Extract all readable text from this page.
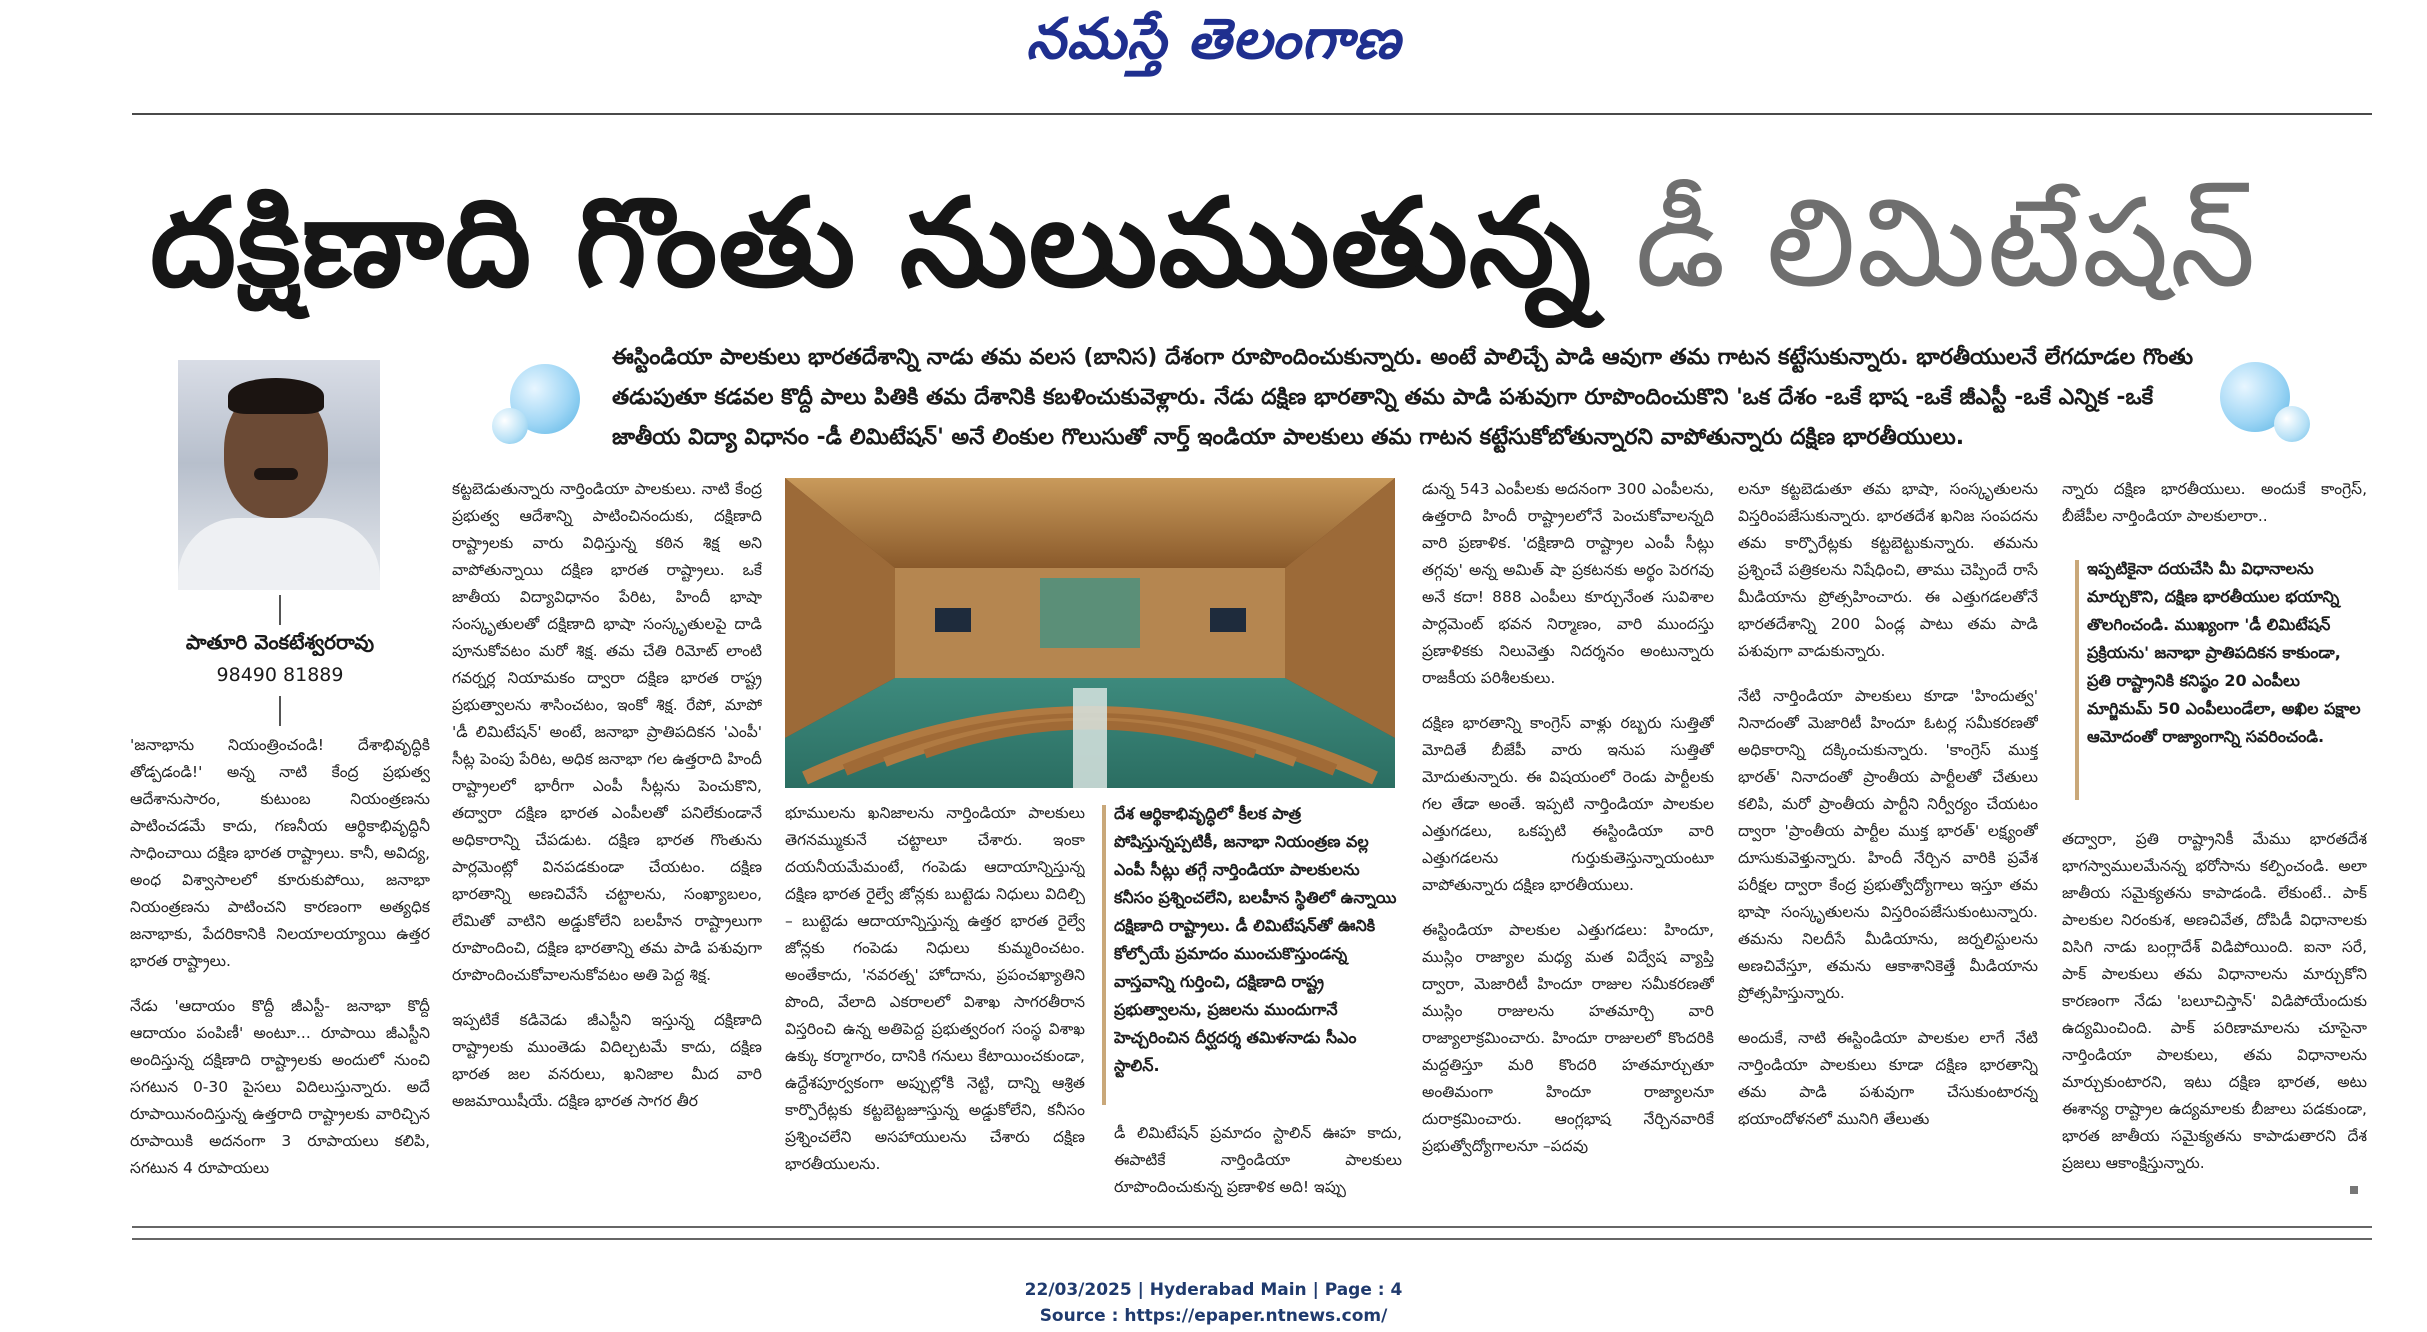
నమస్తే తెలంగాణ
దక్షిణాది గొంతు నులుముతున్న డీ లిమిటేషన్
పాతూరి వెంకటేశ్వరరావు
98490 81889
ఈస్టిండియా పాలకులు భారతదేశాన్ని నాడు తమ వలస (బానిస) దేశంగా రూపొందించుకున్నారు. అంటే పాలిచ్చే పాడి ఆవుగా తమ గాటన కట్టేసుకున్నారు. భారతీయులనే లేగదూడల గొంతు తడుపుతూ కడవల కొద్దీ పాలు పితికి తమ దేశానికి కబళించుకువెళ్లారు. నేడు దక్షిణ భారతాన్ని తమ పాడి పశువుగా రూపొందించుకొని 'ఒక దేశం -ఒకే భాష -ఒకే జీఎస్టీ -ఒకే ఎన్నిక -ఒకే జాతీయ విద్యా విధానం -డీ లిమిటేషన్' అనే లింకుల గొలుసుతో నార్త్ ఇండియా పాలకులు తమ గాటన కట్టేసుకోబోతున్నారని వాపోతున్నారు దక్షిణ భారతీయులు.

'జనాభాను నియంత్రించండి! దేశాభివృద్ధికి తోడ్పడండి!' అన్న నాటి కేంద్ర ప్రభుత్వ ఆదేశానుసారం, కుటుంబ నియంత్రణను పాటించడమే కాదు, గణనీయ ఆర్థికాభివృద్ధినీ సాధించాయి దక్షిణ భారత రాష్ట్రాలు. కానీ, అవిద్య, అంధ విశ్వాసాలలో కూరుకుపోయి, జనాభా నియంత్రణను పాటించని కారణంగా అత్యధిక జనాభాకు, పేదరికానికి నిలయాలయ్యాయి ఉత్తర భారత రాష్ట్రాలు.

నేడు 'ఆదాయం కొద్దీ జీఎస్టీ- జనాభా కొద్దీ ఆదాయం పంపిణీ' అంటూ... రూపాయి జీఎస్టీని అందిస్తున్న దక్షిణాది రాష్ట్రాలకు అందులో నుంచి సగటున 0-30 పైసలు విదిలుస్తున్నారు. అదే రూపాయినందిస్తున్న ఉత్తరాది రాష్ట్రాలకు వారిచ్చిన రూపాయికి అదనంగా 3 రూపాయలు కలిపి, సగటున 4 రూపాయలు

కట్టబెడుతున్నారు నార్తిండియా పాలకులు. నాటి కేంద్ర ప్రభుత్వ ఆదేశాన్ని పాటించినందుకు, దక్షిణాది రాష్ట్రాలకు వారు విధిస్తున్న కఠిన శిక్ష అని వాపోతున్నాయి దక్షిణ భారత రాష్ట్రాలు. ఒకే జాతీయ విద్యావిధానం పేరిట, హిందీ భాషా సంస్కృతులతో దక్షిణాది భాషా సంస్కృతులపై దాడి పూనుకోవటం మరో శిక్ష. తమ చేతి రిమోట్ లాంటి గవర్నర్ల నియామకం ద్వారా దక్షిణ భారత రాష్ట్ర ప్రభుత్వాలను శాసించటం, ఇంకో శిక్ష. రేపో, మాపో 'డీ లిమిటేషన్' అంటే, జనాభా ప్రాతిపదికన 'ఎంపీ' సీట్ల పెంపు పేరిట, అధిక జనాభా గల ఉత్తరాది హిందీ రాష్ట్రాలలో భారీగా ఎంపీ సీట్లను పెంచుకొని, తద్వారా దక్షిణ భారత ఎంపీలతో పనిలేకుండానే అధికారాన్ని చేపడుట. దక్షిణ భారత గొంతును పార్లమెంట్లో వినపడకుండా చేయటం. దక్షిణ భారతాన్ని అణచివేసే చట్టాలను, సంఖ్యాబలం, లేమితో వాటిని అడ్డుకోలేని బలహీన రాష్ట్రాలుగా రూపొందించి, దక్షిణ భారతాన్ని తమ పాడి పశువుగా రూపొందించుకోవాలనుకోవటం అతి పెద్ద శిక్ష.

ఇప్పటికే కడివెడు జీఎస్టీని ఇస్తున్న దక్షిణాది రాష్ట్రాలకు ముంతెడు విదిల్చటమే కాదు, దక్షిణ భారత జల వనరులు, ఖనిజాల మీద వారి అజమాయిషీయే. దక్షిణ భారత సాగర తీర

భూములను ఖనిజాలను నార్తిండియా పాలకులు తెగనమ్ముకునే చట్టాలూ చేశారు. ఇంకా దయనీయమేమంటే, గంపెడు ఆదాయాన్నిస్తున్న దక్షిణ భారత రైల్వే జోన్లకు బుట్టెడు నిధులు విదిల్చి – బుట్టెడు ఆదాయాన్నిస్తున్న ఉత్తర భారత రైల్వే జోన్లకు గంపెడు నిధులు కుమ్మరించటం. అంతేకాదు, 'నవరత్న' హోదాను, ప్రపంచఖ్యాతిని పొంది, వేలాది ఎకరాలలో విశాఖ సాగరతీరాన విస్తరించి ఉన్న అతిపెద్ద ప్రభుత్వరంగ సంస్థ విశాఖ ఉక్కు కర్మాగారం, దానికి గనులు కేటాయించకుండా, ఉద్దేశపూర్వకంగా అప్పుల్లోకి నెట్టి, దాన్ని ఆశ్రిత కార్పొరేట్లకు కట్టబెట్టజూస్తున్న అడ్డుకోలేని, కనీసం ప్రశ్నించలేని అసహాయులను చేశారు దక్షిణ భారతీయులను.

దేశ ఆర్థికాభివృద్ధిలో కీలక పాత్ర పోషిస్తున్నప్పటికీ, జనాభా నియంత్రణ వల్ల ఎంపీ సీట్లు తగ్గే నార్తిండియా పాలకులను కనీసం ప్రశ్నించలేని, బలహీన స్థితిలో ఉన్నాయి దక్షిణాది రాష్ట్రాలు. డీ లిమిటేషన్‌తో ఊనికి కోల్పోయే ప్రమాదం ముంచుకొస్తుండన్న వాస్తవాన్ని గుర్తించి, దక్షిణాది రాష్ట్ర ప్రభుత్వాలను, ప్రజలను ముందుగానే హెచ్చరించిన దీర్ఘదర్శ తమిళనాడు సీఎం స్టాలిన్.

డీ లిమిటేషన్ ప్రమాదం స్టాలిన్ ఊహ కాదు, ఈపాటికే నార్తిండియా పాలకులు రూపొందించుకున్న ప్రణాళిక అది! ఇప్పు

డున్న 543 ఎంపీలకు అదనంగా 300 ఎంపీలను, ఉత్తరాది హిందీ రాష్ట్రాలలోనే పెంచుకోవాలన్నది వారి ప్రణాళిక. 'దక్షిణాది రాష్ట్రాల ఎంపీ సీట్లు తగ్గవు' అన్న అమిత్ షా ప్రకటనకు అర్థం పెరగవు అనే కదా! 888 ఎంపీలు కూర్చునేంత సువిశాల పార్లమెంట్ భవన నిర్మాణం, వారి ముందస్తు ప్రణాళికకు నిలువెత్తు నిదర్శనం అంటున్నారు రాజకీయ పరిశీలకులు.

దక్షిణ భారతాన్ని కాంగ్రెస్ వాళ్లు రబ్బరు సుత్తితో మోదితే బీజేపీ వారు ఇనుప సుత్తితో మోదుతున్నారు. ఈ విషయంలో రెండు పార్టీలకు గల తేడా అంతే. ఇప్పటి నార్తిండియా పాలకుల ఎత్తుగడలు, ఒకప్పటి ఈస్టిండియా వారి ఎత్తుగడలను గుర్తుకుతెస్తున్నాయంటూ వాపోతున్నారు దక్షిణ భారతీయులు.

ఈస్టిండియా పాలకుల ఎత్తుగడలు: హిందూ, ముస్లిం రాజ్యాల మధ్య మత విద్వేష వ్యాప్తి ద్వారా, మెజారిటీ హిందూ రాజుల సమీకరణతో ముస్లిం రాజులను హతమార్చి వారి రాజ్యాలాక్రమించారు. హిందూ రాజులలో కొందరికి మద్దతిస్తూ మరి కొందరి హతమార్చుతూ అంతిమంగా హిందూ రాజ్యాలనూ దురాక్రమించారు. ఆంగ్లభాష నేర్చినవారికే ప్రభుత్వోద్యోగాలనూ –పదవు

లనూ కట్టబెడుతూ తమ భాషా, సంస్కృతులను విస్తరింపజేసుకున్నారు. భారతదేశ ఖనిజ సంపదను తమ కార్పొరేట్లకు కట్టబెట్టుకున్నారు. తమను ప్రశ్నించే పత్రికలను నిషేధించి, తాము చెప్పిందే రాసే మీడియాను ప్రోత్సహించారు. ఈ ఎత్తుగడలతోనే భారతదేశాన్ని 200 ఏండ్ల పాటు తమ పాడి పశువుగా వాడుకున్నారు.

నేటి నార్తిండియా పాలకులు కూడా 'హిందుత్వ' నినాదంతో మెజారిటీ హిందూ ఓటర్ల సమీకరణతో అధికారాన్ని దక్కించుకున్నారు. 'కాంగ్రెస్ ముక్త భారత్' నినాదంతో ప్రాంతీయ పార్టీలతో చేతులు కలిపి, మరో ప్రాంతీయ పార్టీని నిర్వీర్యం చేయటం ద్వారా 'ప్రాంతీయ పార్టీల ముక్త భారత్' లక్ష్యంతో దూసుకువెళ్తున్నారు. హిందీ నేర్చిన వారికి ప్రవేశ పరీక్షల ద్వారా కేంద్ర ప్రభుత్వోద్యోగాలు ఇస్తూ తమ భాషా సంస్కృతులను విస్తరింపజేసుకుంటున్నారు. తమను నిలదీసే మీడియాను, జర్నలిస్టులను అణచివేస్తూ, తమను ఆకాశానికెత్తే మీడియాను ప్రోత్సహిస్తున్నారు.

అందుకే, నాటి ఈస్టిండియా పాలకుల లాగే నేటి నార్తిండియా పాలకులు కూడా దక్షిణ భారతాన్ని తమ పాడి పశువుగా చేసుకుంటారన్న భయాందోళనలో మునిగి తేలుతు

న్నారు దక్షిణ భారతీయులు. అందుకే కాంగ్రెస్, బీజేపీల నార్తిండియా పాలకులారా..

ఇప్పటికైనా దయచేసి మీ విధానాలను మార్చుకొని, దక్షిణ భారతీయుల భయాన్ని తొలగించండి. ముఖ్యంగా 'డీ లిమిటేషన్ ప్రక్రియను' జనాభా ప్రాతిపదికన కాకుండా, ప్రతి రాష్ట్రానికి కనిష్ఠం 20 ఎంపీలు మాగ్జిమమ్ 50 ఎంపీలుండేలా, అఖిల పక్షాల ఆమోదంతో రాజ్యాంగాన్ని సవరించండి.

తద్వారా, ప్రతి రాష్ట్రానికీ మేము భారతదేశ భాగస్వాములమేనన్న భరోసాను కల్పించండి. అలా జాతీయ సమైక్యతను కాపాడండి. లేకుంటే.. పాక్ పాలకుల నిరంకుశ, అణచివేత, దోపిడీ విధానాలకు విసిగి నాడు బంగ్లాదేశ్ విడిపోయింది. ఐనా సరే, పాక్ పాలకులు తమ విధానాలను మార్చుకోని కారణంగా నేడు 'బలూచిస్తాన్' విడిపోయేందుకు ఉద్యమించింది. పాక్ పరిణామాలను చూసైనా నార్తిండియా పాలకులు, తమ విధానాలను మార్చుకుంటారని, ఇటు దక్షిణ భారత, అటు ఈశాన్య రాష్ట్రాల ఉద్యమాలకు బీజాలు పడకుండా, భారత జాతీయ సమైక్యతను కాపాడుతారని దేశ ప్రజలు ఆకాంక్షిస్తున్నారు.

22/03/2025 | Hyderabad Main | Page : 4
Source : https://epaper.ntnews.com/
